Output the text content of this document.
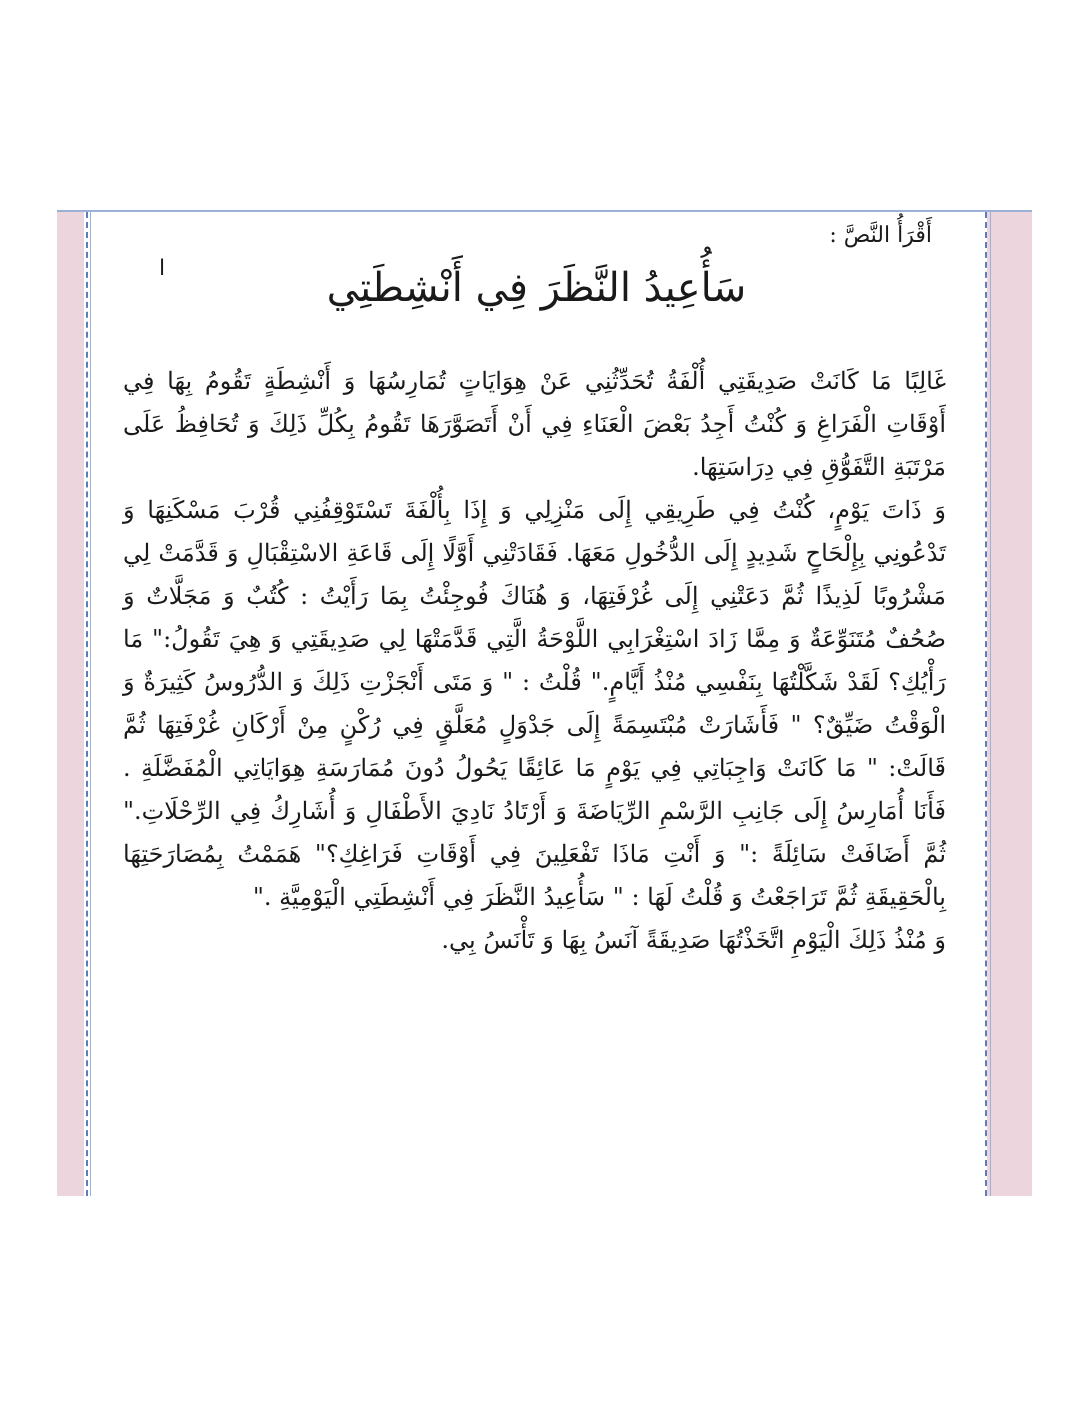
أَقْرَأُ النَّصَّ :
ا	سَأُعِيدُ النَّظَرَ فِي أَنْشِطَتِي

غَالِبًا مَا كَانَتْ صَدِيقَتِي أُلْفَةُ تُحَدِّثُنِي عَنْ هِوَايَاتٍ تُمَارِسُهَا وَ أَنْشِطَةٍ تَقُومُ بِهَا فِي أَوْقَاتِ الْفَرَاغِ وَ كُنْتُ أَجِدُ بَعْضَ الْعَنَاءِ فِي أَنْ أَتَصَوَّرَهَا تَقُومُ بِكُلِّ ذَلِكَ وَ تُحَافِظُ عَلَى مَرْتَبَةِ التَّفَوُّقِ فِي دِرَاسَتِهَا.

وَ ذَاتَ يَوْمٍ، كُنْتُ فِي طَرِيقِي إِلَى مَنْزِلِي وَ إِذَا بِأُلْفَةَ تَسْتَوْقِفُنِي قُرْبَ مَسْكَنِهَا وَ تَدْعُونِي بِإِلْحَاحٍ شَدِيدٍ إِلَى الدُّخُولِ مَعَهَا. فَقَادَتْنِي أَوَّلًا إِلَى قَاعَةِ الاسْتِقْبَالِ وَ قَدَّمَتْ لِي مَشْرُوبًا لَذِيذًا ثُمَّ دَعَتْنِي إِلَى غُرْفَتِهَا، وَ هُنَاكَ فُوجِئْتُ بِمَا رَأَيْتُ : كُتُبٌ وَ مَجَلَّاتٌ وَ صُحُفٌ مُتَنَوِّعَةٌ وَ مِمَّا زَادَ اسْتِغْرَابِي اللَّوْحَةُ الَّتِي قَدَّمَتْهَا لِي صَدِيقَتِي وَ هِيَ تَقُولُ:" مَا رَأْيُكِ؟ لَقَدْ شَكَّلْتُهَا بِنَفْسِي مُنْذُ أَيَّامٍ." قُلْتُ : " وَ مَتَى أَنْجَزْتِ ذَلِكَ وَ الدُّرُوسُ كَثِيرَةٌ وَ الْوَقْتُ ضَيِّقٌ؟ " فَأَشَارَتْ مُبْتَسِمَةً إِلَى جَدْوَلٍ مُعَلَّقٍ فِي رُكْنٍ مِنْ أَرْكَانِ غُرْفَتِهَا ثُمَّ قَالَتْ: " مَا كَانَتْ وَاجِبَاتِي فِي يَوْمٍ مَا عَائِقًا يَحُولُ دُونَ مُمَارَسَةِ هِوَايَاتِي الْمُفَضَّلَةِ . فَأَنَا أُمَارِسُ إِلَى جَانِبِ الرَّسْمِ الرِّيَاضَةَ وَ أَرْتَادُ نَادِيَ الأَطْفَالِ وَ أُشَارِكُ فِي الرِّحْلَاتِ." ثُمَّ أَضَافَتْ سَائِلَةً :" وَ أَنْتِ مَاذَا تَفْعَلِينَ فِي أَوْقَاتِ فَرَاغِكِ؟" هَمَمْتُ بِمُصَارَحَتِهَا بِالْحَقِيقَةِ ثُمَّ تَرَاجَعْتُ وَ قُلْتُ لَهَا : " سَأُعِيدُ النَّظَرَ فِي أَنْشِطَتِي الْيَوْمِيَّةِ ."

وَ مُنْذُ ذَلِكَ الْيَوْمِ اتَّخَذْتُهَا صَدِيقَةً آنَسُ بِهَا وَ تَأْنَسُ بِي.
